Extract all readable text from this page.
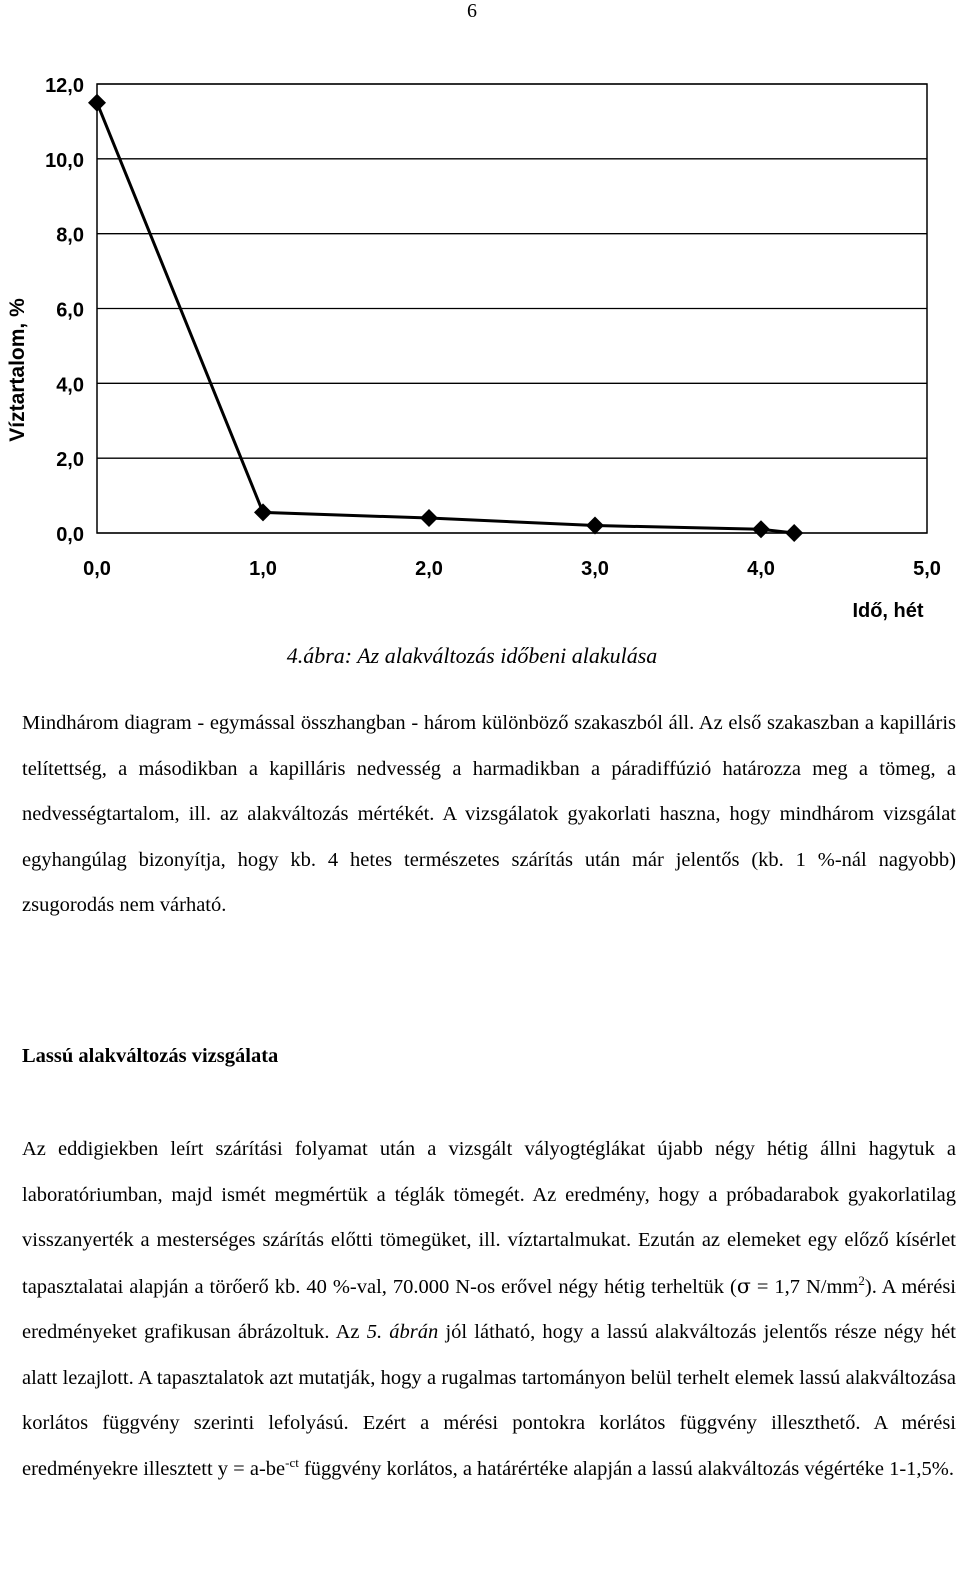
6
0,0
2,0
4,0
6,0
8,0
10,0
12,0
0,0	1,0	2,0	3,0	4,0	5,0
Víztartalom, %
Idő, hét
4.ábra: Az alakváltozás időbeni alakulása

Mindhárom diagram - egymással összhangban - három különböző szakaszból áll. Az első szakaszban a kapilláris telítettség, a másodikban a kapilláris nedvesség a harmadikban a páradiffúzió határozza meg a tömeg, a nedvességtartalom, ill. az alakváltozás mértékét. A vizsgálatok gyakorlati haszna, hogy mindhárom vizsgálat egyhangúlag bizonyítja, hogy kb. 4 hetes természetes szárítás után már jelentős (kb. 1 %-nál nagyobb) zsugorodás nem várható.

Lassú alakváltozás vizsgálata

Az eddigiekben leírt szárítási folyamat után a vizsgált vályogtéglákat újabb négy hétig állni hagytuk a laboratóriumban, majd ismét megmértük a téglák tömegét. Az eredmény, hogy a próbadarabok gyakorlatilag visszanyerték a mesterséges szárítás előtti tömegüket, ill. víztartalmukat. Ezután az elemeket egy előző kísérlet tapasztalatai alapján a törőerő kb. 40 %-val, 70.000 N-os erővel négy hétig terheltük (σ = 1,7 $N/mm^2$). A mérési eredményeket grafikusan ábrázoltuk. Az 5. ábrán jól látható, hogy a lassú alakváltozás jelentős része négy hét alatt lezajlott. A tapasztalatok azt mutatják, hogy a rugalmas tartományon belül terhelt elemek lassú alakváltozása korlátos függvény szerinti lefolyású. Ezért a mérési pontokra korlátos függvény illeszthető. A mérési eredményekre illesztett $y = a-be^{-ct}$ függvény korlátos, a határértéke alapján a lassú alakváltozás végértéke 1-1,5%.
